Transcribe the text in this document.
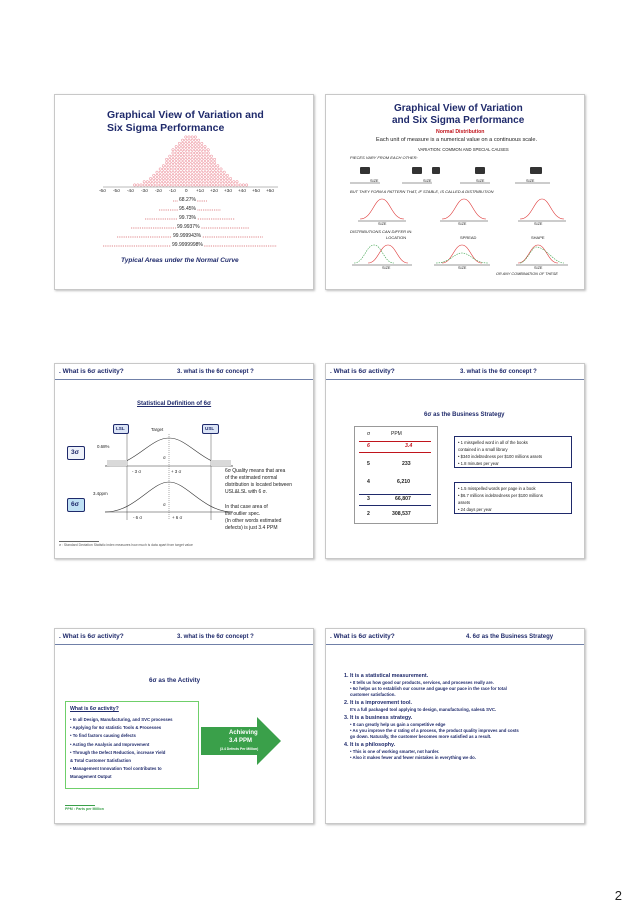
Graphical View of Variation and
Six Sigma Performance
-6σ -5σ -4σ -3σ -2σ -1σ 0 +1σ +2σ +3σ +4σ +5σ +6σ
68.27%
95.45%
99.73%
99.9937%
99.999943%
99.9999998%
Typical Areas under the Normal Curve
Graphical View of Variation
and Six Sigma Performance
Normal Distribution
Each unit of measure is a numerical value on a continuous scale.
VARIATION: COMMON AND SPECIAL CAUSES
PIECES VARY FROM EACH OTHER:
SIZE	SIZE	SIZE	SIZE
BUT THEY FORM A PATTERN THAT, IF STABLE, IS CALLED A DISTRIBUTION
SIZE	SIZE	SIZE
DISTRIBUTIONS CAN DIFFER IN:
LOCATION	SPREAD	SHAPE
SIZE	SIZE	SIZE
OR ANY COMBINATION OF THESE
. What is 6σ activity?	3. what is the 6σ concept ?
Statistical Definition of 6σ
LSL	USL
Target
3σ
6σ
0.68%
3.4ppm
σ
σ
- 3 σ	+ 3 σ
- 6 σ	+ 6 σ
6σ Quality means that area
of the estimated normal
distribution is located between
USL&LSL with 6 σ.
In that case area of
the outlier spec.
(In other words estimated
defects) is just 3.4 PPM
σ : Standard Deviation Statistic index measures how much is data apart from target value
. What is 6σ activity?	3. what is the 6σ concept ?
6σ as the Business Strategy
σ	PPM
6	3.4
5	233
4	6,210
3	66,807
2	308,537
• 1 misspelled word in all of the books
contained in a small library
• $340 indebtedness per $100 millions assets
• 1.8 minutes per year
• 1.5 misspelled words per page in a book
• $6.7 millions indebtedness per $100 millions
assets
• 24 days per year
. What is 6σ activity?	3. what is the 6σ concept ?
6σ as the Activity
What is 6σ activity?
• In all Design, Manufacturing, and SVC processes
• Applying for 6σ statistic Tools & Processes
• To find factors causing defects
• Acting the Analysis and Improvement
• Through the Defect Reduction, increase Yield
& Total Customer Satisfaction
• Management Innovation Tool contributes to
Management Output
Achieving
3.4 PPM
(3.4 Defects Per Million)
PPM : Parts per Million
. What is 6σ activity?	4. 6σ as the Business Strategy
1. It is a statistical measurement.
• It tells us how good our products, services, and processes really are.
• 6σ helps us to establish our course and gauge our pace in the race for total
customer satisfaction.
2. It is a improvement tool.
It's a full packaged tool applying to design, manufacturing, sales& SVC.
3. It is a business strategy.
• It can greatly help us gain a competitive edge
• As you improve the σ rating of a process, the product quality improves and costs
go down. Naturally, the customer becomes more satisfied as a result.
4. It is a philosophy.
• This is one of working smarter, not harder.
• Also it makes fewer and fewer mistakes in everything we do.
2
